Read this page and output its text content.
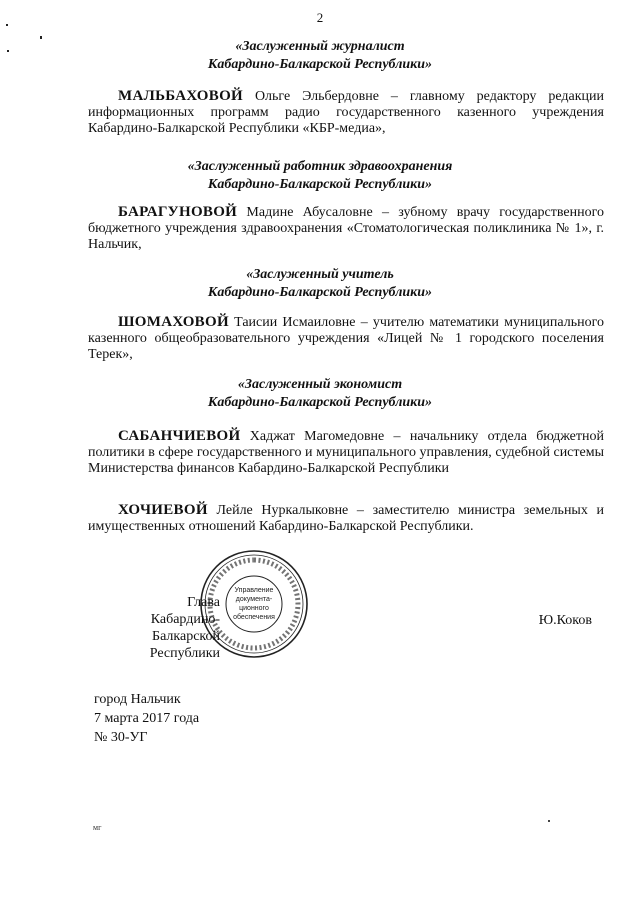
2
«Заслуженный журналист
Кабардино-Балкарской Республики»
МАЛЬБАХОВОЙ Ольге Эльбердовне – главному редактору редакции информационных программ радио государственного казенного учреждения Кабардино-Балкарской Республики «КБР-медиа»,
«Заслуженный работник здравоохранения
Кабардино-Балкарской Республики»
БАРАГУНОВОЙ Мадине Абусаловне – зубному врачу государственного бюджетного учреждения здравоохранения «Стоматологическая поликлиника № 1», г. Нальчик,
«Заслуженный учитель
Кабардино-Балкарской Республики»
ШОМАХОВОЙ Таисии Исмаиловне – учителю математики муниципального казенного общеобразовательного учреждения «Лицей № 1 городского поселения Терек»,
«Заслуженный экономист
Кабардино-Балкарской Республики»
САБАНЧИЕВОЙ Хаджат Магомедовне – начальнику отдела бюджетной политики в сфере государственного и муниципального управления, судебной системы Министерства финансов Кабардино-Балкарской Республики
ХОЧИЕВОЙ Лейле Нуркалыковне – заместителю министра земельных и имущественных отношений Кабардино-Балкарской Республики.
Управление
документа-
ционного
обеспечения
Глава
Кабардино-Балкарской
Республики
Ю.Коков
город Нальчик
7 марта 2017 года
№ 30-УГ
мг
